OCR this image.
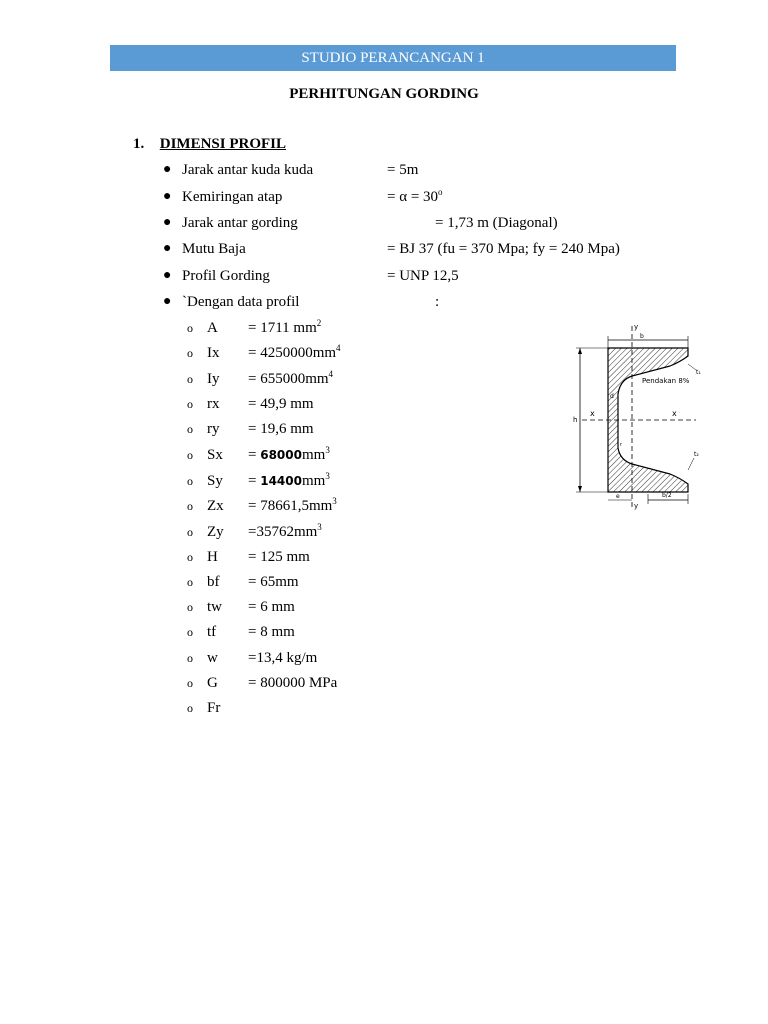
STUDIO PERANCANGAN 1
PERHITUNGAN GORDING
1. DIMENSI PROFIL
● Jarak antar kuda kuda	= 5m
● Kemiringan atap	= $\alpha = 30^o$
● Jarak antar gording	= 1,73 m (Diagonal)
● Mutu Baja	= BJ 37 (fu = 370 Mpa; fy = 240 Mpa)
● Profil Gording	= UNP 12,5
● `Dengan data profil	:
o A = 1711 $mm^2$
o $Ix = 4250000mm^4$
o $Iy = 655000mm^4$
o rx = 49,9 mm
o ry = 19,6 mm
o $Sx = 68000mm^3$
o $Sy = 14400mm^3$
o $Zx = 78661,5mm^3$
o $Zy =35762mm^3$
o H = 125 mm
o bf = 65mm
o tw = 6 mm
o tf = 8 mm
o w =13,4 kg/m
o G = 800000 MPa
o Fr
y
y
x	x
b
h
d
e	b/2
r
t₁
t₂
Pendakan 8%
